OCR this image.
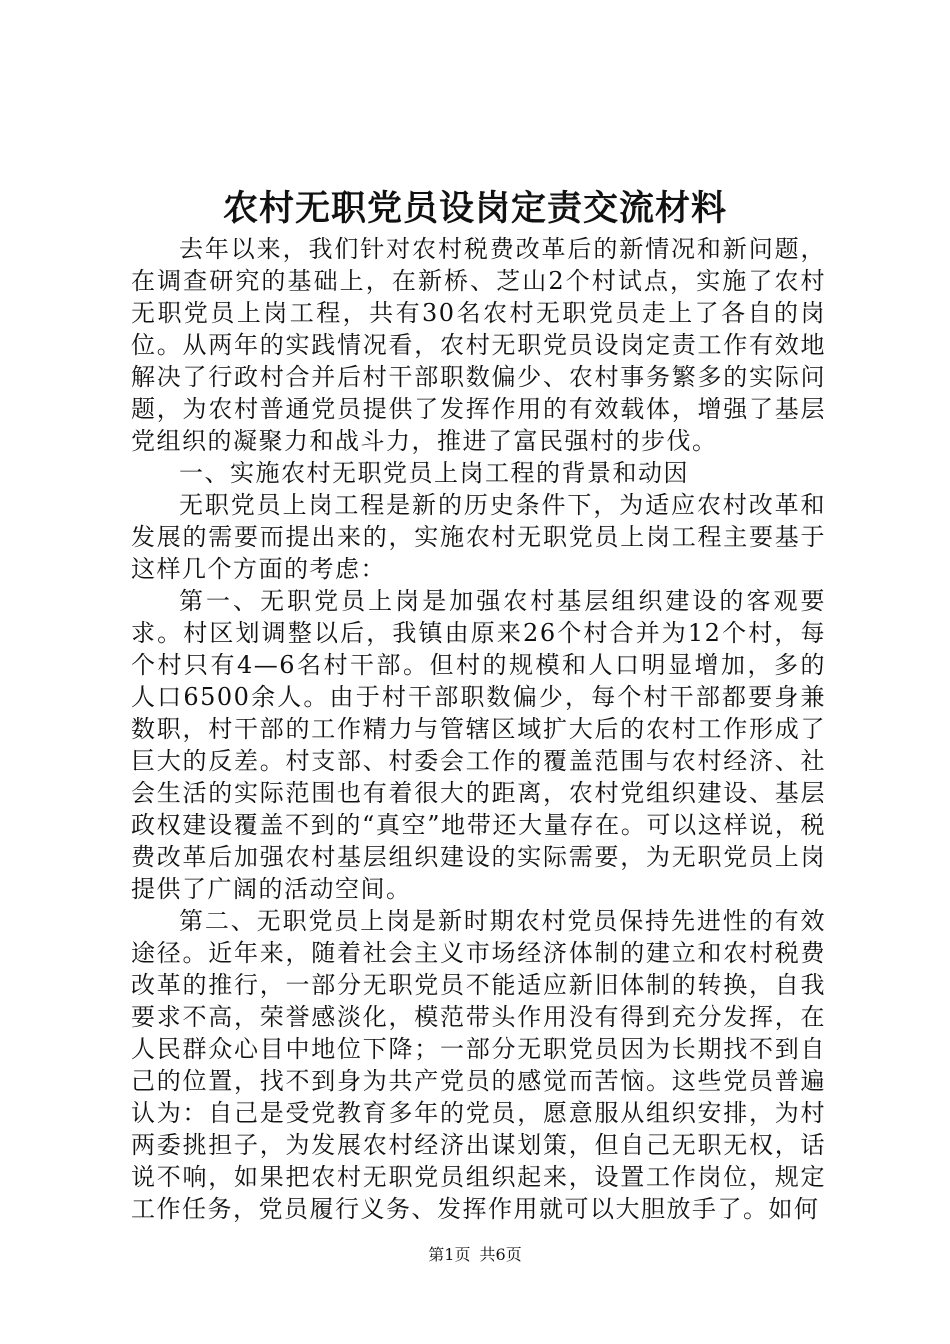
农村无职党员设岗定责交流材料

去年以来，我们针对农村税费改革后的新情况和新问题，在调查研究的基础上，在新桥、芝山2个村试点，实施了农村无职党员上岗工程，共有30名农村无职党员走上了各自的岗位。从两年的实践情况看，农村无职党员设岗定责工作有效地解决了行政村合并后村干部职数偏少、农村事务繁多的实际问题，为农村普通党员提供了发挥作用的有效载体，增强了基层党组织的凝聚力和战斗力，推进了富民强村的步伐。

一、实施农村无职党员上岗工程的背景和动因

无职党员上岗工程是新的历史条件下，为适应农村改革和发展的需要而提出来的，实施农村无职党员上岗工程主要基于这样几个方面的考虑：

第一、无职党员上岗是加强农村基层组织建设的客观要求。村区划调整以后，我镇由原来26个村合并为12个村，每个村只有4—6名村干部。但村的规模和人口明显增加，多的人口6500余人。由于村干部职数偏少，每个村干部都要身兼数职，村干部的工作精力与管辖区域扩大后的农村工作形成了巨大的反差。村支部、村委会工作的覆盖范围与农村经济、社会生活的实际范围也有着很大的距离，农村党组织建设、基层政权建设覆盖不到的“真空”地带还大量存在。可以这样说，税费改革后加强农村基层组织建设的实际需要，为无职党员上岗提供了广阔的活动空间。

第二、无职党员上岗是新时期农村党员保持先进性的有效途径。近年来，随着社会主义市场经济体制的建立和农村税费改革的推行，一部分无职党员不能适应新旧体制的转换，自我要求不高，荣誉感淡化，模范带头作用没有得到充分发挥，在人民群众心目中地位下降；一部分无职党员因为长期找不到自己的位置，找不到身为共产党员的感觉而苦恼。这些党员普遍认为：自己是受党教育多年的党员，愿意服从组织安排，为村两委挑担子，为发展农村经济出谋划策，但自己无职无权，话说不响，如果把农村无职党员组织起来，设置工作岗位，规定工作任务，党员履行义务、发挥作用就可以大胆放手了。如何

第1页 共6页
